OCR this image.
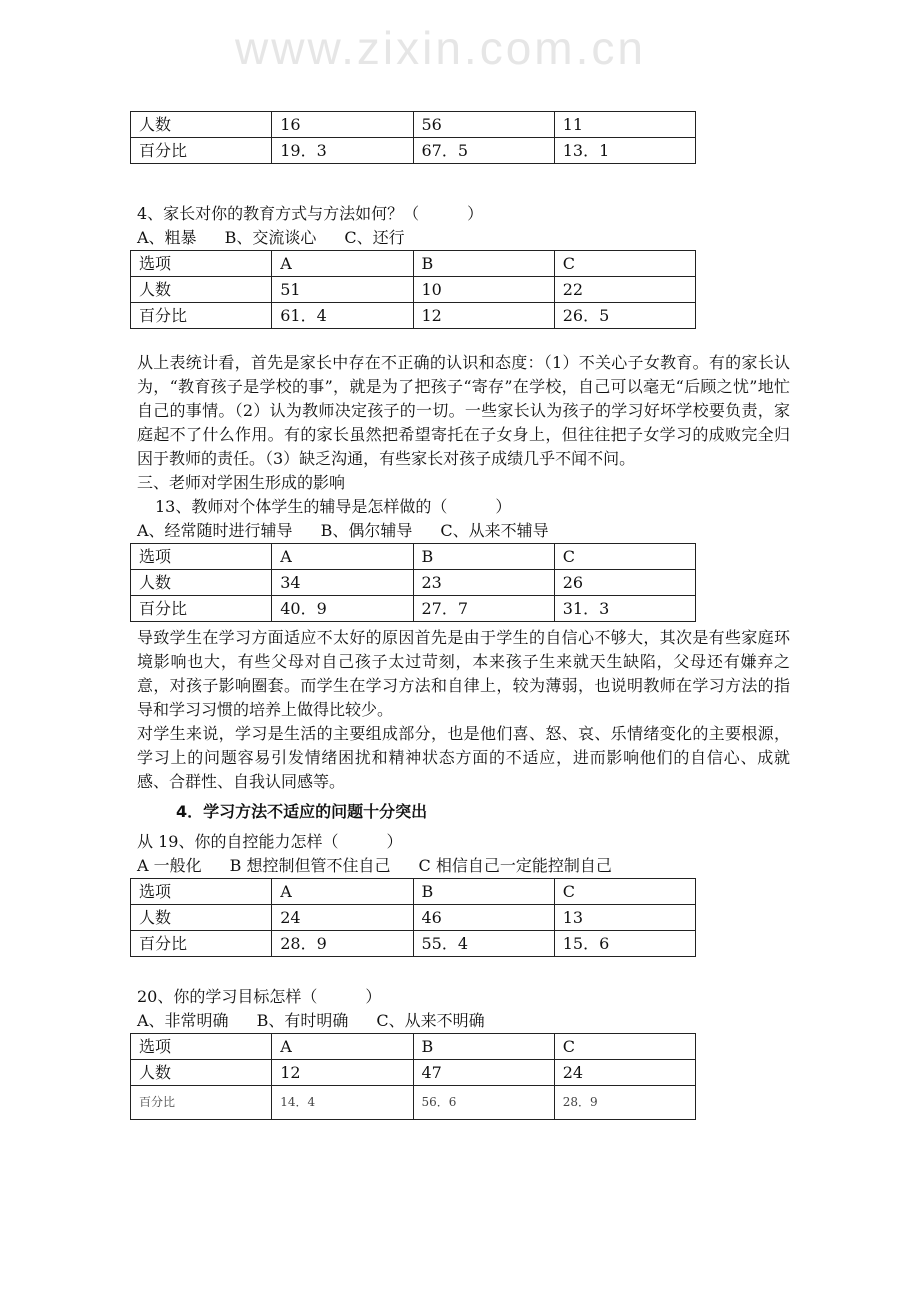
www.zixin.com.cn
人数	16	56	11
百分比	19．3	67．5	13．1
4、家长对你的教育方式与方法如何？（　　　）
A、粗暴 B、交流谈心 C、还行
选项	A	B	C
人数	51	10	22
百分比	61．4	12	26．5
从上表统计看，首先是家长中存在不正确的认识和态度：（1）不关心子女教育。有的家长认为，“教育孩子是学校的事”，就是为了把孩子“寄存”在学校，自己可以毫无“后顾之忧”地忙自己的事情。（2）认为教师决定孩子的一切。一些家长认为孩子的学习好坏学校要负责，家庭起不了什么作用。有的家长虽然把希望寄托在子女身上，但往往把子女学习的成败完全归因于教师的责任。（3）缺乏沟通，有些家长对孩子成绩几乎不闻不问。
三、老师对学困生形成的影响
13、教师对个体学生的辅导是怎样做的（　　　）
A、经常随时进行辅导 B、偶尔辅导 C、从来不辅导
选项	A	B	C
人数	34	23	26
百分比	40．9	27．7	31．3
导致学生在学习方面适应不太好的原因首先是由于学生的自信心不够大，其次是有些家庭环境影响也大，有些父母对自己孩子太过苛刻，本来孩子生来就天生缺陷，父母还有嫌弃之意，对孩子影响圈套。而学生在学习方法和自律上，较为薄弱，也说明教师在学习方法的指导和学习习惯的培养上做得比较少。
对学生来说，学习是生活的主要组成部分，也是他们喜、怒、哀、乐情绪变化的主要根源，学习上的问题容易引发情绪困扰和精神状态方面的不适应，进而影响他们的自信心、成就感、合群性、自我认同感等。
4．学习方法不适应的问题十分突出
从 19、你的自控能力怎样（　　　）
A 一般化 B 想控制但管不住自己 C 相信自己一定能控制自己
选项	A	B	C
人数	24	46	13
百分比	28．9	55．4	15．6
20、你的学习目标怎样（　　　）
A、非常明确 B、有时明确 C、从来不明确
选项	A	B	C
人数	12	47	24
百分比	14．4	56．6	28．9
